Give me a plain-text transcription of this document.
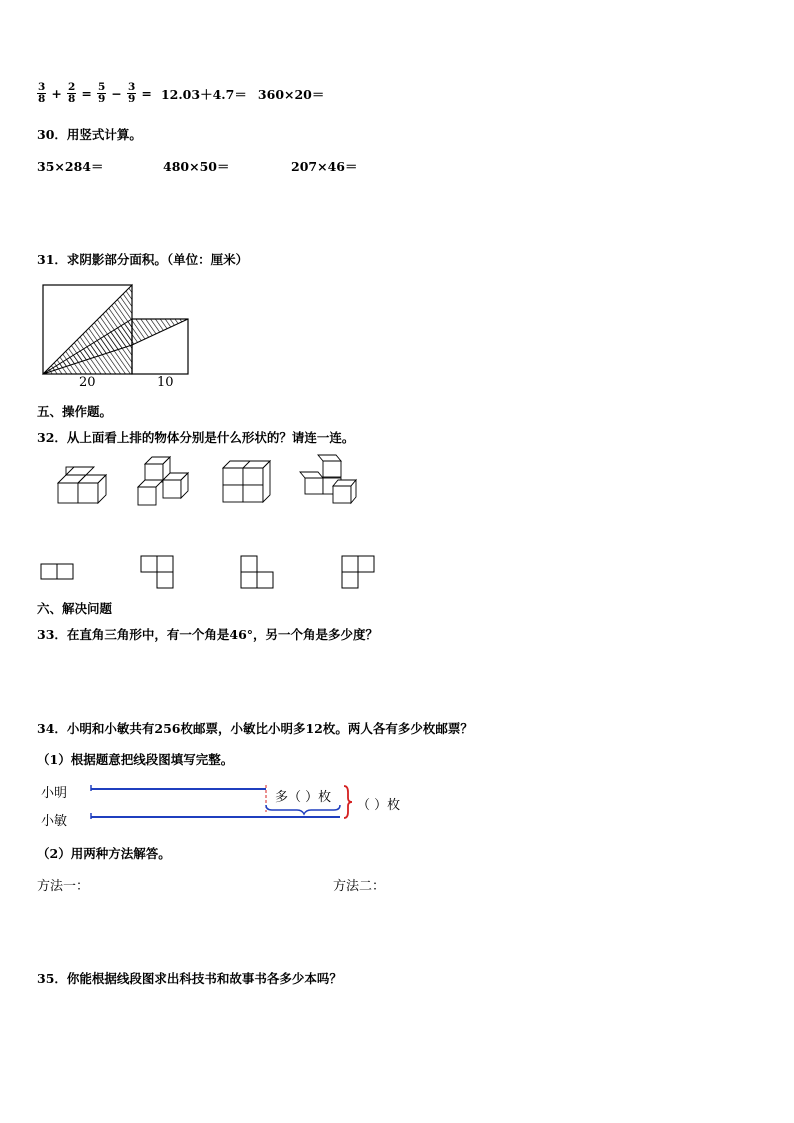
$\frac{3}{8} + \frac{2}{8} = \frac{5}{9} - \frac{3}{9} = 12.03+4.7= 360\times 20=$
30．用竖式计算。
35×284＝	480×50＝	207×46＝
31．求阴影部分面积。（单位：厘米）
20	10
五、操作题。
32．从上面看上排的物体分别是什么形状的？请连一连。
六、解决问题
33．在直角三角形中，有一个角是46°，另一个角是多少度？
34．小明和小敏共有256枚邮票，小敏比小明多12枚。两人各有多少枚邮票？
（1）根据题意把线段图填写完整。
小明
小敏
多（ ）枚
（ ）枚
（2）用两种方法解答。
方法一：	方法二：
35．你能根据线段图求出科技书和故事书各多少本吗？
